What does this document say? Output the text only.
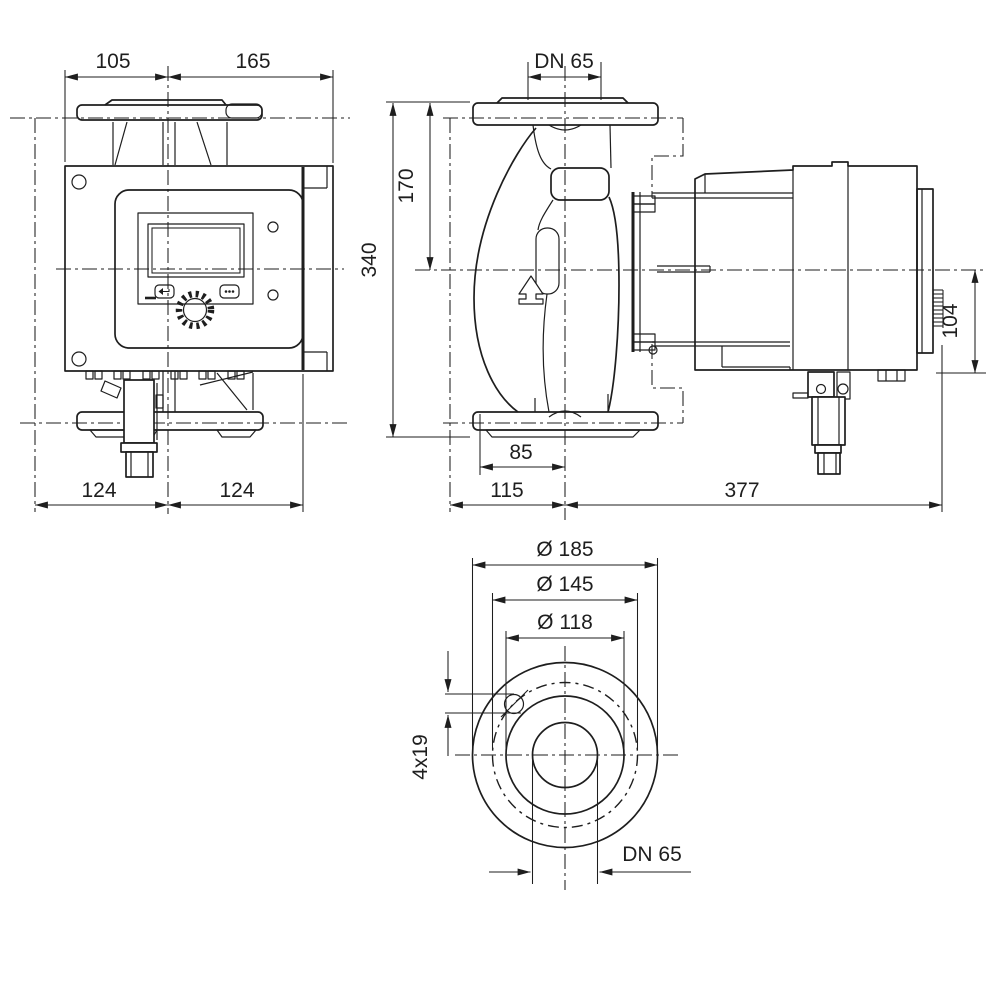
105	165
124	124
DN 65
170
340
104
85
115	377
Ø 185
Ø 145
Ø 118
4x19
DN 65
